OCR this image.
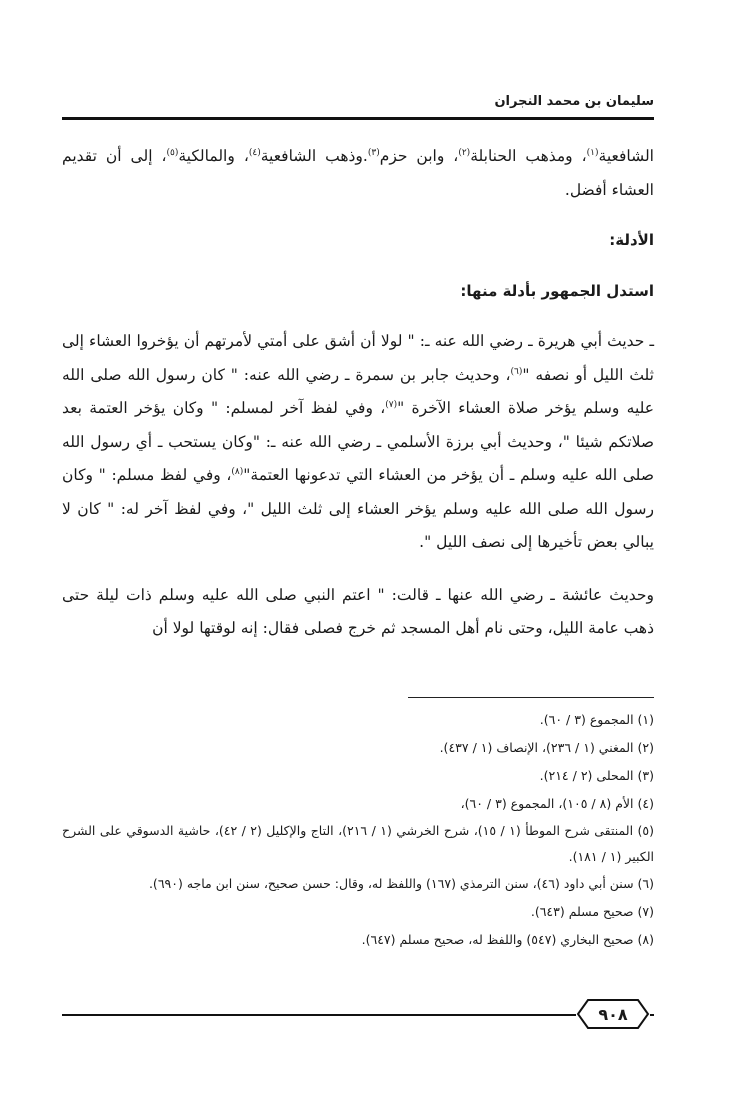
سليمان بن محمد النجران

الشافعية$^{(١)}$، ومذهب الحنابلة$^{(٢)}$، وابن حزم$^{(٣)}$.وذهب الشافعية$^{(٤)}$، والمالكية$^{(٥)}$، إلى أن تقديم العشاء أفضل.

الأدلة:

استدل الجمهور بأدلة منها:

ـ حديث أبي هريرة ـ رضي الله عنه ـ: " لولا أن أشق على أمتي لأمرتهم أن يؤخروا العشاء إلى ثلث الليل أو نصفه "$^{(٦)}$، وحديث جابر بن سمرة ـ رضي الله عنه: " كان رسول الله صلى الله عليه وسلم يؤخر صلاة العشاء الآخرة "$^{(٧)}$، وفي لفظ آخر لمسلم: " وكان يؤخر العتمة بعد صلاتكم شيئا "، وحديث أبي برزة الأسلمي ـ رضي الله عنه ـ: "وكان يستحب ـ أي رسول الله صلى الله عليه وسلم ـ أن يؤخر من العشاء التي تدعونها العتمة"$^{(٨)}$، وفي لفظ مسلم: " وكان رسول الله صلى الله عليه وسلم يؤخر العشاء إلى ثلث الليل "، وفي لفظ آخر له: " كان لا يبالي بعض تأخيرها إلى نصف الليل ".

وحديث عائشة ـ رضي الله عنها ـ قالت: " اعتم النبي صلى الله عليه وسلم ذات ليلة حتى ذهب عامة الليل، وحتى نام أهل المسجد ثم خرج فصلى فقال: إنه لوقتها لولا أن

(١) المجموع (٣ / ٦٠).

(٢) المغني (١ / ٢٣٦)، الإنصاف (١ / ٤٣٧).

(٣) المحلى (٢ / ٢١٤).

(٤) الأم (٨ / ١٠٥)، المجموع (٣ / ٦٠)،

(٥) المنتقى شرح الموطأ (١ / ١٥)، شرح الخرشي (١ / ٢١٦)، التاج والإكليل (٢ / ٤٢)، حاشية الدسوقي على الشرح الكبير (١ / ١٨١).

(٦) سنن أبي داود (٤٦)، سنن الترمذي (١٦٧) واللفظ له، وقال: حسن صحيح، سنن ابن ماجه (٦٩٠).

(٧) صحيح مسلم (٦٤٣).

(٨) صحيح البخاري (٥٤٧) واللفظ له، صحيح مسلم (٦٤٧).

٩٠٨
